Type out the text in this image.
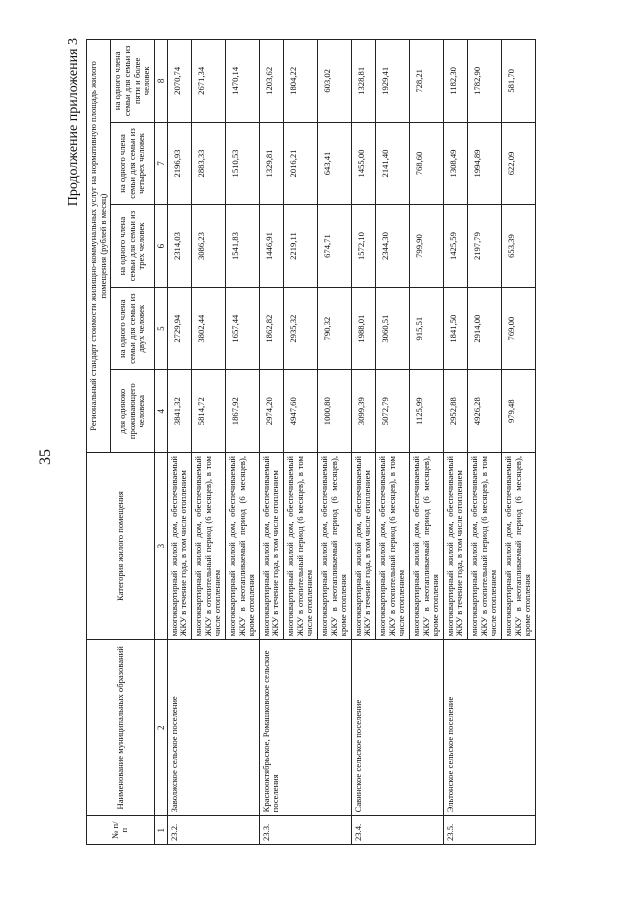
35
Продолжение приложения 3
№ п/п	Наименование муниципальных образований	Категория жилого помещения	Региональный стандарт стоимости жилищно-коммунальных услуг на нормативную площадь жилого помещения (рублей в месяц)				
			для одиноко проживающего человека	на одного члена семьи для семьи из двух человек	на одного члена семьи для семьи из трех человек	на одного члена семьи для семьи из четырех человек	на одного члена семьи для семьи из пяти и более человек
1	2	3	4	5	6	7	8
23.2.	Заволжское сельское поселение	многоквартирный жилой дом, обеспечиваемый ЖКУ в течение года, в том числе отоплением	3841,32	2729,94	2314,03	2196,93	2070,74
		многоквартирный жилой дом, обеспечиваемый ЖКУ в отопительный период (6 месяцев), в том числе отоплением	5814,72	3802,44	3086,23	2883,33	2671,34
		многоквартирный жилой дом, обеспечиваемый ЖКУ в неотапливаемый период (6 месяцев), кроме отопления	1867,92	1657,44	1541,83	1510,53	1470,14
23.3.	Краснооктябрьское, Ромашковское сельские поселения	многоквартирный жилой дом, обеспечиваемый ЖКУ в течение года, в том числе отоплением	2974,20	1862,82	1446,91	1329,81	1203,62
		многоквартирный жилой дом, обеспечиваемый ЖКУ в отопительный период (6 месяцев), в том числе отоплением	4947,60	2935,32	2219,11	2016,21	1804,22
		многоквартирный жилой дом, обеспечиваемый ЖКУ в неотапливаемый период (6 месяцев), кроме отопления	1000,80	790,32	674,71	643,41	603,02
23.4.	Савинское сельское поселение	многоквартирный жилой дом, обеспечиваемый ЖКУ в течение года, в том числе отоплением	3099,39	1988,01	1572,10	1455,00	1328,81
		многоквартирный жилой дом, обеспечиваемый ЖКУ в отопительный период (6 месяцев), в том числе отоплением	5072,79	3060,51	2344,30	2141,40	1929,41
		многоквартирный жилой дом, обеспечиваемый ЖКУ в неотапливаемый период (6 месяцев), кроме отопления	1125,99	915,51	799,90	768,60	728,21
23.5.	Эльтонское сельское поселение	многоквартирный жилой дом, обеспечиваемый ЖКУ в течение года, в том числе отоплением	2952,88	1841,50	1425,59	1308,49	1182,30
		многоквартирный жилой дом, обеспечиваемый ЖКУ в отопительный период (6 месяцев), в том числе отоплением	4926,28	2914,00	2197,79	1994,89	1782,90
		многоквартирный жилой дом, обеспечиваемый ЖКУ в неотапливаемый период (6 месяцев), кроме отопления	979,48	769,00	653,39	622,09	581,70
